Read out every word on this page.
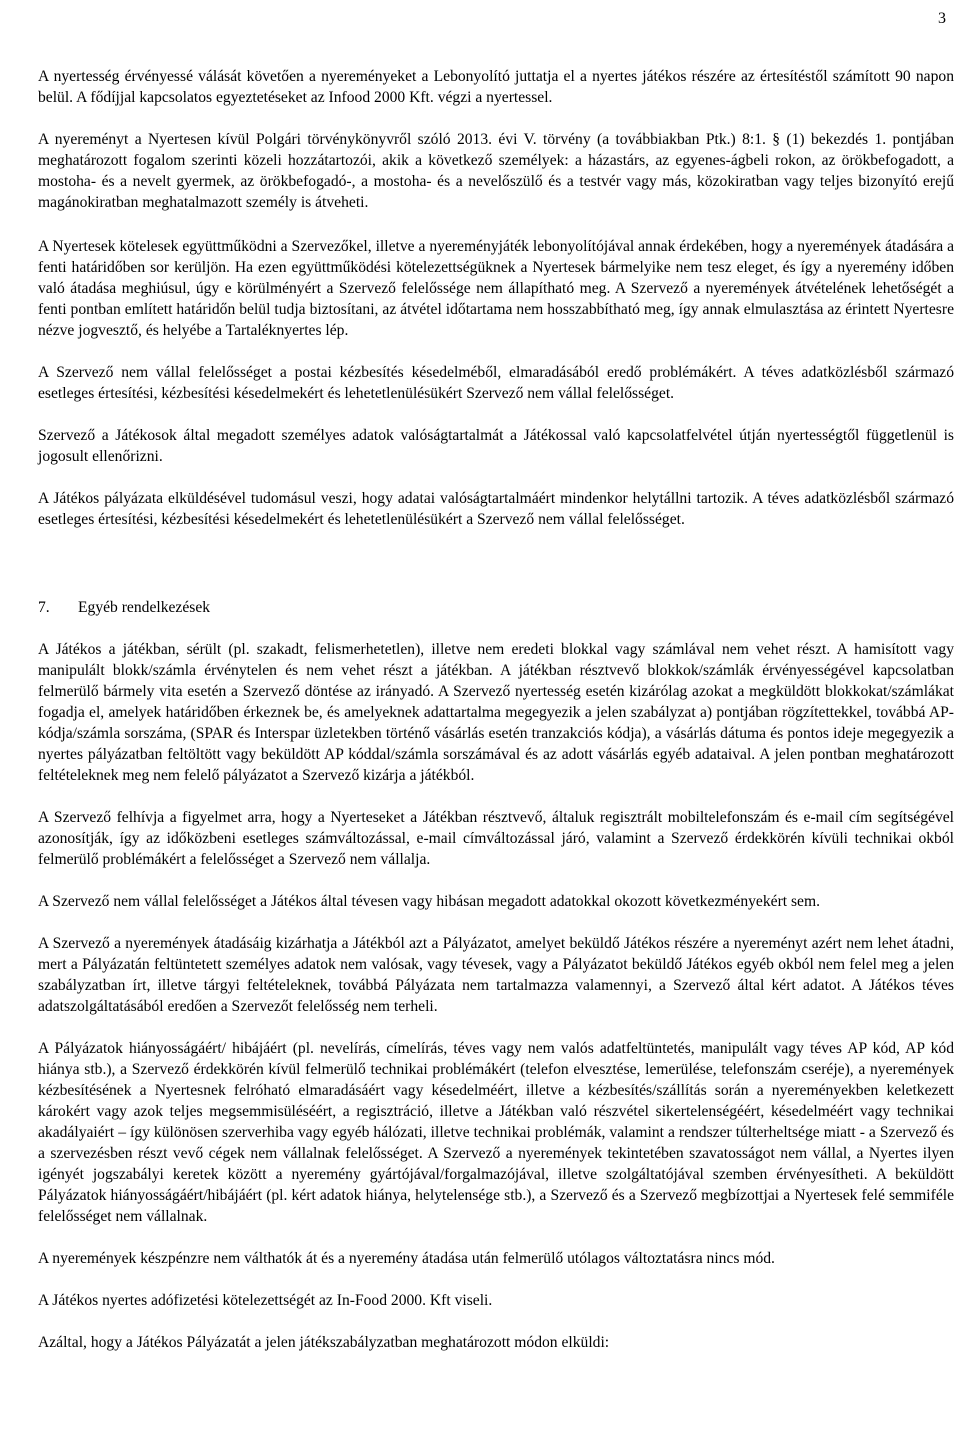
3

A nyertesség érvényessé válását követően a nyereményeket a Lebonyolító juttatja el a nyertes játékos részére az értesítéstől számított 90 napon belül. A fődíjjal kapcsolatos egyeztetéseket az Infood 2000 Kft. végzi a nyertessel.

A nyereményt a Nyertesen kívül Polgári törvénykönyvről szóló 2013. évi V. törvény (a továbbiakban Ptk.) 8:1. § (1) bekezdés 1. pontjában meghatározott fogalom szerinti közeli hozzátartozói, akik a következő személyek: a házastárs, az egyenes-ágbeli rokon, az örökbefogadott, a mostoha- és a nevelt gyermek, az örökbefogadó-, a mostoha- és a nevelőszülő és a testvér vagy más, közokiratban vagy teljes bizonyító erejű magánokiratban meghatalmazott személy is átveheti.

A Nyertesek kötelesek együttműködni a Szervezőkel, illetve a nyereményjáték lebonyolítójával annak érdekében, hogy a nyeremények átadására a fenti határidőben sor kerüljön. Ha ezen együttműködési kötelezettségüknek a Nyertesek bármelyike nem tesz eleget, és így a nyeremény időben való átadása meghiúsul, úgy e körülményért a Szervező felelőssége nem állapítható meg. A Szervező a nyeremények átvételének lehetőségét a fenti pontban említett határidőn belül tudja biztosítani, az átvétel időtartama nem hosszabbítható meg, így annak elmulasztása az érintett Nyertesre nézve jogvesztő, és helyébe a Tartaléknyertes lép.

A Szervező nem vállal felelősséget a postai kézbesítés késedelméből, elmaradásából eredő problémákért. A téves adatközlésből származó esetleges értesítési, kézbesítési késedelmekért és lehetetlenülésükért Szervező nem vállal felelősséget.

Szervező a Játékosok által megadott személyes adatok valóságtartalmát a Játékossal való kapcsolatfelvétel útján nyertességtől függetlenül is jogosult ellenőrizni.

A Játékos pályázata elküldésével tudomásul veszi, hogy adatai valóságtartalmáért mindenkor helytállni tartozik. A téves adatközlésből származó esetleges értesítési, kézbesítési késedelmekért és lehetetlenülésükért a Szervező nem vállal felelősséget.

7.	Egyéb rendelkezések

A Játékos a játékban, sérült (pl. szakadt, felismerhetetlen), illetve nem eredeti blokkal vagy számlával nem vehet részt. A hamisított vagy manipulált blokk/számla érvénytelen és nem vehet részt a játékban. A játékban résztvevő blokkok/számlák érvényességével kapcsolatban felmerülő bármely vita esetén a Szervező döntése az irányadó. A Szervező nyertesség esetén kizárólag azokat a megküldött blokkokat/számlákat fogadja el, amelyek határidőben érkeznek be, és amelyeknek adattartalma megegyezik a jelen szabályzat a) pontjában rögzítettekkel, továbbá AP-kódja/számla sorszáma, (SPAR és Interspar üzletekben történő vásárlás esetén tranzakciós kódja), a vásárlás dátuma és pontos ideje megegyezik a nyertes pályázatban feltöltött vagy beküldött AP kóddal/számla sorszámával és az adott vásárlás egyéb adataival. A jelen pontban meghatározott feltételeknek meg nem felelő pályázatot a Szervező kizárja a játékból.

A Szervező felhívja a figyelmet arra, hogy a Nyerteseket a Játékban résztvevő, általuk regisztrált mobiltelefonszám és e-mail cím segítségével azonosítják, így az időközbeni esetleges számváltozással, e-mail címváltozással járó, valamint a Szervező érdekkörén kívüli technikai okból felmerülő problémákért a felelősséget a Szervező nem vállalja.

A Szervező nem vállal felelősséget a Játékos által tévesen vagy hibásan megadott adatokkal okozott következményekért sem.

A Szervező a nyeremények átadásáig kizárhatja a Játékból azt a Pályázatot, amelyet beküldő Játékos részére a nyereményt azért nem lehet átadni, mert a Pályázatán feltüntetett személyes adatok nem valósak, vagy tévesek, vagy a Pályázatot beküldő Játékos egyéb okból nem felel meg a jelen szabályzatban írt, illetve tárgyi feltételeknek, továbbá Pályázata nem tartalmazza valamennyi, a Szervező által kért adatot. A Játékos téves adatszolgáltatásából eredően a Szervezőt felelősség nem terheli.

A Pályázatok hiányosságáért/ hibájáért (pl. nevelírás, címelírás, téves vagy nem valós adatfeltüntetés, manipulált vagy téves AP kód, AP kód hiánya stb.), a Szervező érdekkörén kívül felmerülő technikai problémákért (telefon elvesztése, lemerülése, telefonszám cseréje), a nyeremények kézbesítésének a Nyertesnek felróható elmaradásáért vagy késedelméért, illetve a kézbesítés/szállítás során a nyereményekben keletkezett károkért vagy azok teljes megsemmisüléséért, a regisztráció, illetve a Játékban való részvétel sikertelenségéért, késedelméért vagy technikai akadályaiért – így különösen szerverhiba vagy egyéb hálózati, illetve technikai problémák, valamint a rendszer túlterheltsége miatt - a Szervező és a szervezésben részt vevő cégek nem vállalnak felelősséget. A Szervező a nyeremények tekintetében szavatosságot nem vállal, a Nyertes ilyen igényét jogszabályi keretek között a nyeremény gyártójával/forgalmazójával, illetve szolgáltatójával szemben érvényesítheti. A beküldött Pályázatok hiányosságáért/hibájáért (pl. kért adatok hiánya, helytelensége stb.), a Szervező és a Szervező megbízottjai a Nyertesek felé semmiféle felelősséget nem vállalnak.

A nyeremények készpénzre nem válthatók át és a nyeremény átadása után felmerülő utólagos változtatásra nincs mód.

A Játékos nyertes adófizetési kötelezettségét az In-Food 2000. Kft viseli.

Azáltal, hogy a Játékos Pályázatát a jelen játékszabályzatban meghatározott módon elküldi:
